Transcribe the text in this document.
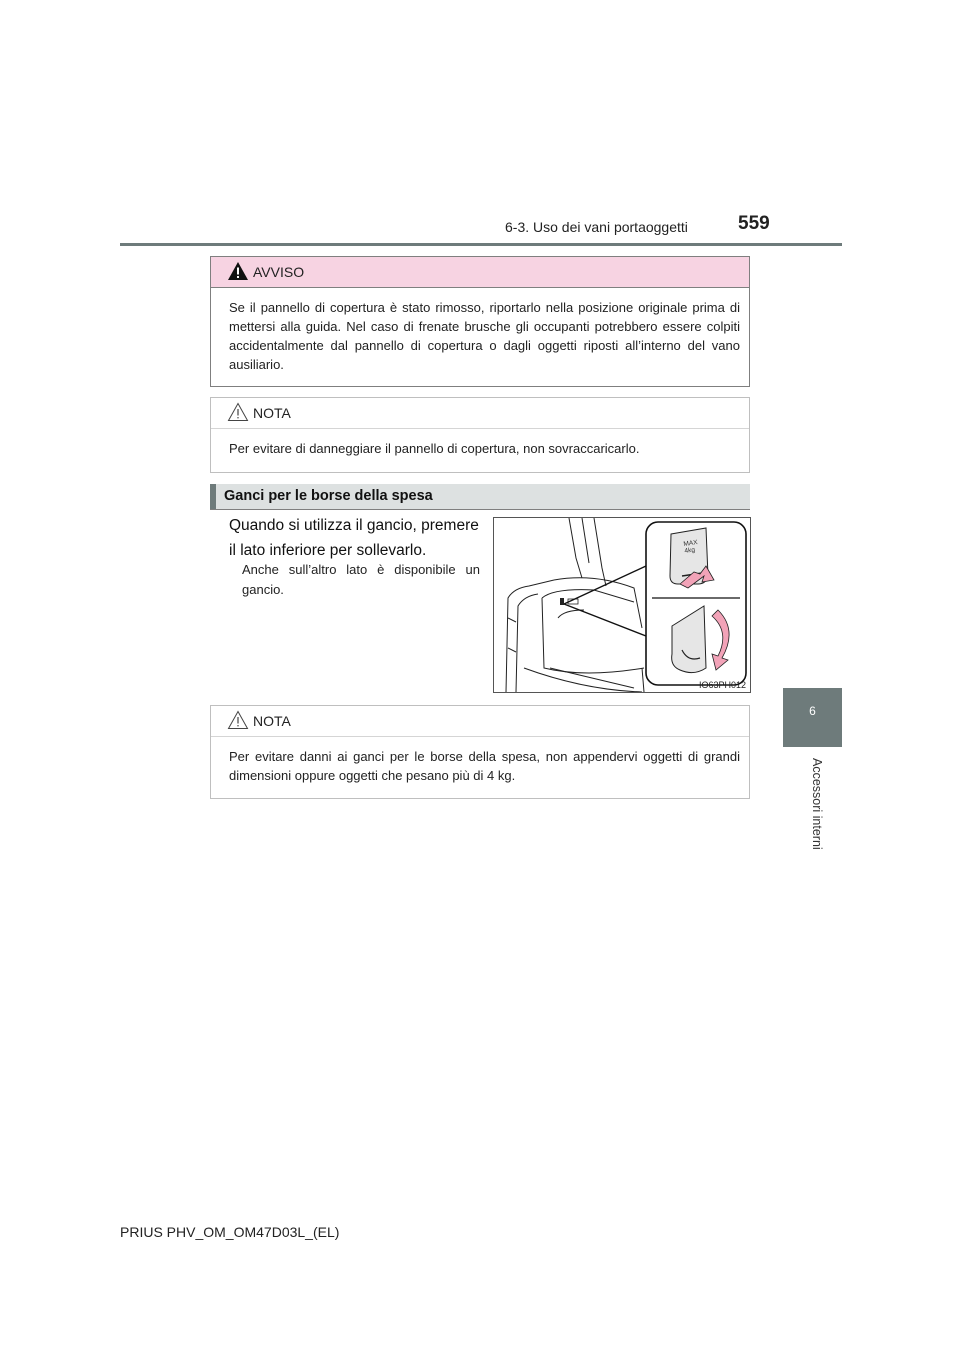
6-3. Uso dei vani portaoggetti	559
6
Accessori interni
AVVISO
Se il pannello di copertura è stato rimosso, riportarlo nella posizione originale prima di mettersi alla guida. Nel caso di frenate brusche gli occupanti potrebbero essere colpiti accidentalmente dal pannello di copertura o dagli oggetti riposti all’interno del vano ausiliario.
NOTA
Per evitare di danneggiare il pannello di copertura, non sovraccaricarlo.
Ganci per le borse della spesa
Quando si utilizza il gancio, premere il lato inferiore per sollevarlo.
Anche sull’altro lato è disponibile un gancio.
MAX
4kg
IO63PH012
NOTA
Per evitare danni ai ganci per le borse della spesa, non appendervi oggetti di grandi dimensioni oppure oggetti che pesano più di 4 kg.
PRIUS PHV_OM_OM47D03L_(EL)
